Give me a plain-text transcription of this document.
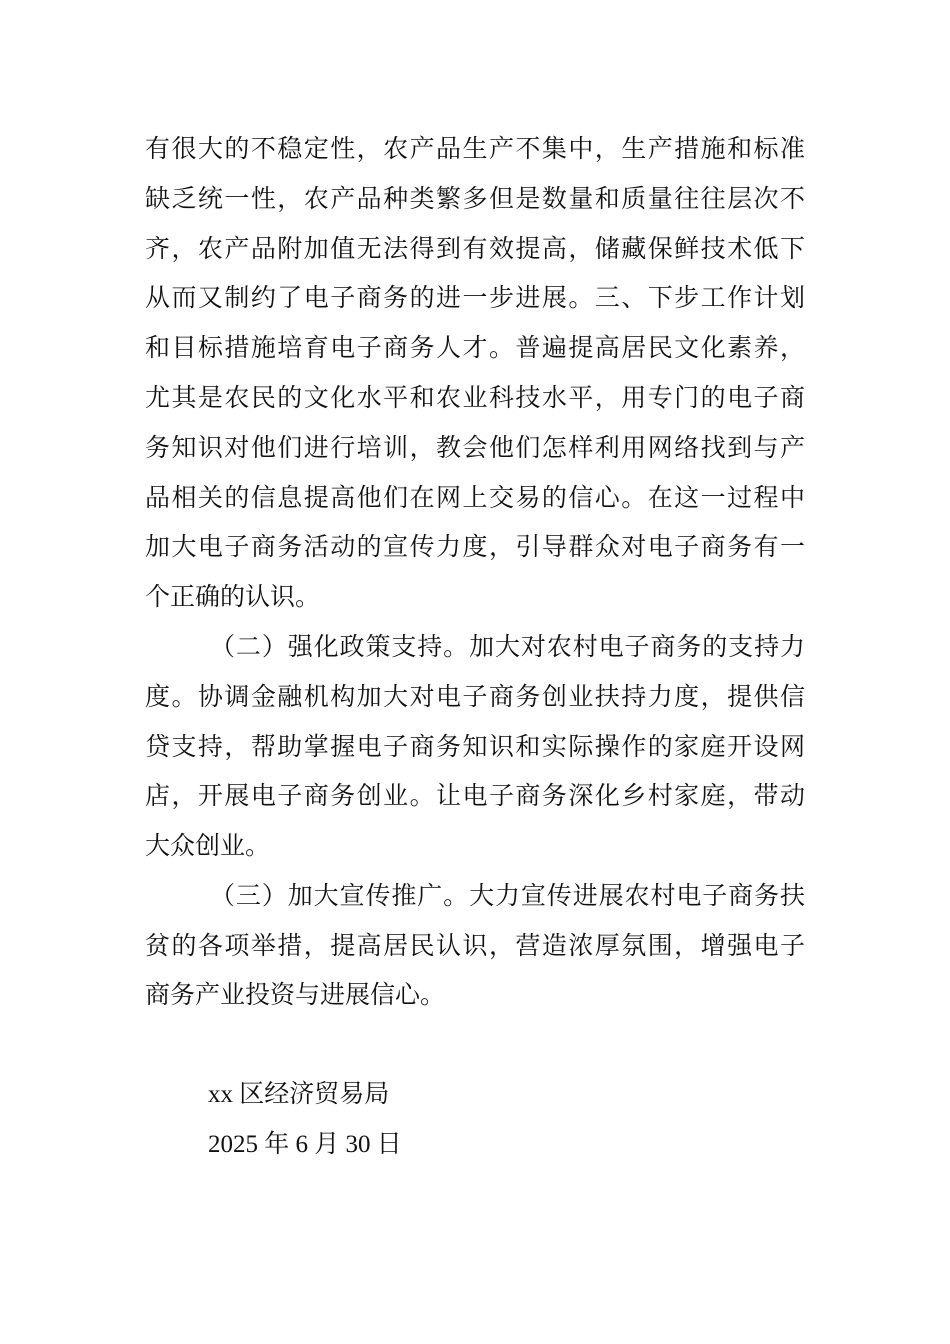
有很大的不稳定性，农产品生产不集中，生产措施和标准
缺乏统一性，农产品种类繁多但是数量和质量往往层次不
齐，农产品附加值无法得到有效提高，储藏保鲜技术低下
从而又制约了电子商务的进一步进展。三、下步工作计划
和目标措施培育电子商务人才。普遍提高居民文化素养，
尤其是农民的文化水平和农业科技水平，用专门的电子商
务知识对他们进行培训，教会他们怎样利用网络找到与产
品相关的信息提高他们在网上交易的信心。在这一过程中
加大电子商务活动的宣传力度，引导群众对电子商务有一
个正确的认识。
（二）强化政策支持。加大对农村电子商务的支持力
度。协调金融机构加大对电子商务创业扶持力度，提供信
贷支持，帮助掌握电子商务知识和实际操作的家庭开设网
店，开展电子商务创业。让电子商务深化乡村家庭，带动
大众创业。
（三）加大宣传推广。大力宣传进展农村电子商务扶
贫的各项举措，提高居民认识，营造浓厚氛围，增强电子
商务产业投资与进展信心。
xx 区经济贸易局
2025 年 6 月 30 日
